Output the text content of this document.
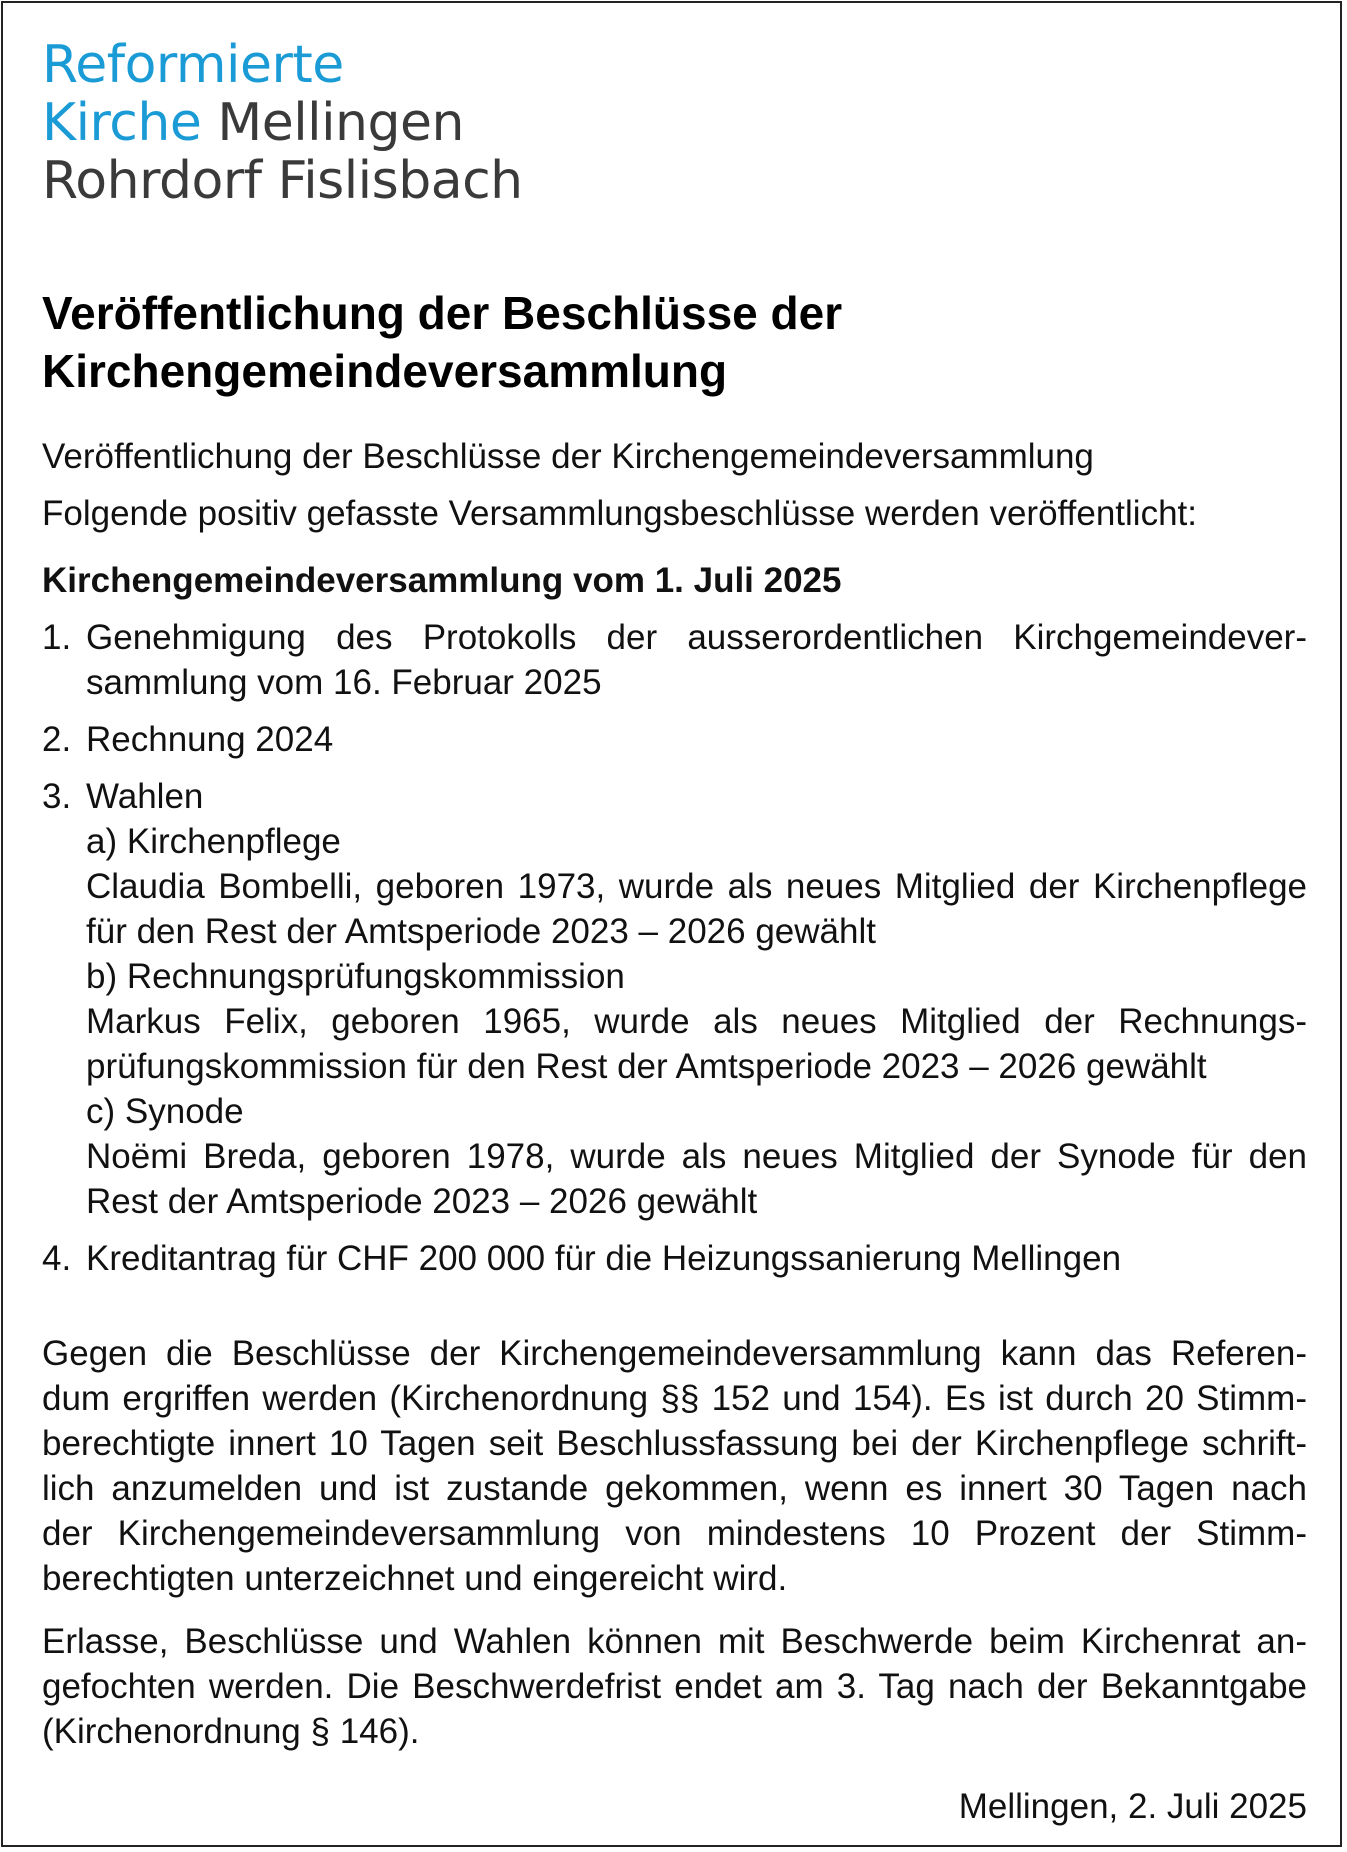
Reformierte
Kirche Mellingen
Rohrdorf Fislisbach
Veröffentlichung der Beschlüsse der
Kirchengemeindeversammlung

Veröffentlichung der Beschlüsse der Kirchengemeindeversammlung

Folgende positiv gefasste Versammlungsbeschlüsse werden veröffentlicht:

Kirchengemeindeversammlung vom 1. Juli 2025

1. Genehmigung des Protokolls der ausserordentlichen Kirchgemeindever-
sammlung vom 16. Februar 2025
2. Rechnung 2024
3. Wahlen
a) Kirchenpflege
Claudia Bombelli, geboren 1973, wurde als neues Mitglied der Kirchenpflege
für den Rest der Amtsperiode 2023 – 2026 gewählt
b) Rechnungsprüfungskommission
Markus Felix, geboren 1965, wurde als neues Mitglied der Rechnungs-
prüfungskommission für den Rest der Amtsperiode 2023 – 2026 gewählt
c) Synode
Noëmi Breda, geboren 1978, wurde als neues Mitglied der Synode für den
Rest der Amtsperiode 2023 – 2026 gewählt
4. Kreditantrag für CHF 200 000 für die Heizungssanierung Mellingen
Gegen die Beschlüsse der Kirchengemeindeversammlung kann das Referen-
dum ergriffen werden (Kirchenordnung §§ 152 und 154). Es ist durch 20 Stimm-
berechtigte innert 10 Tagen seit Beschlussfassung bei der Kirchenpflege schrift-
lich anzumelden und ist zustande gekommen, wenn es innert 30 Tagen nach
der Kirchengemeindeversammlung von mindestens 10 Prozent der Stimm-
berechtigten unterzeichnet und eingereicht wird.
Erlasse, Beschlüsse und Wahlen können mit Beschwerde beim Kirchenrat an-
gefochten werden. Die Beschwerdefrist endet am 3. Tag nach der Bekanntgabe
(Kirchenordnung § 146).

Mellingen, 2. Juli 2025
